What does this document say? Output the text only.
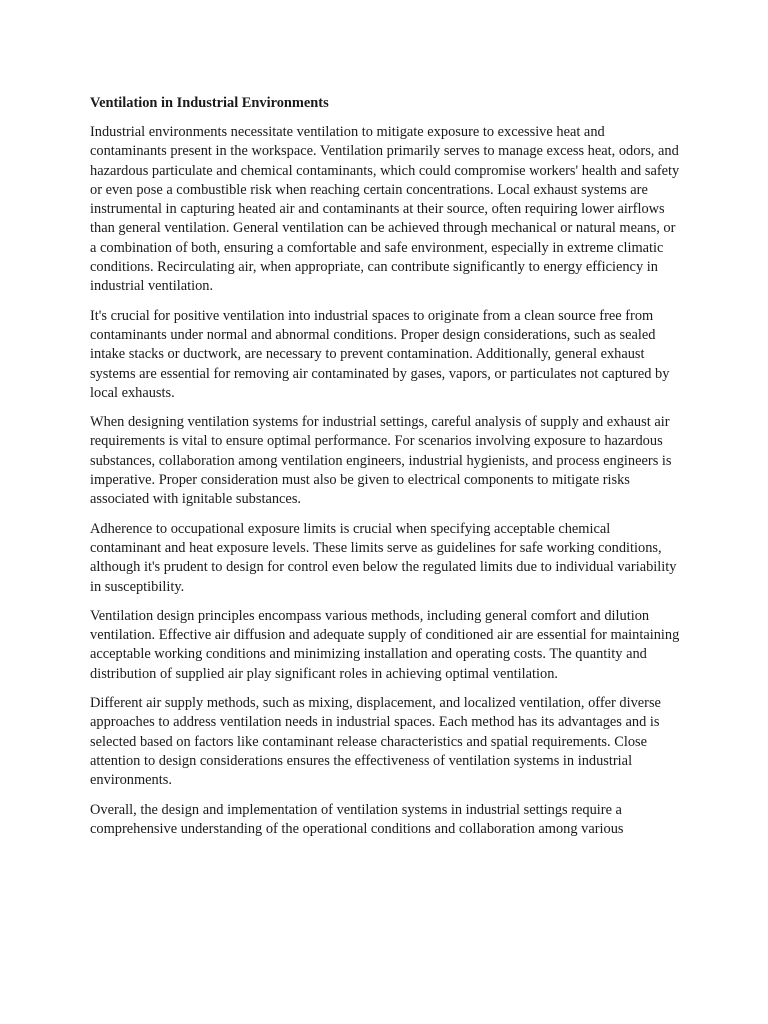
Ventilation in Industrial Environments

Industrial environments necessitate ventilation to mitigate exposure to excessive heat and contaminants present in the workspace. Ventilation primarily serves to manage excess heat, odors, and hazardous particulate and chemical contaminants, which could compromise workers' health and safety or even pose a combustible risk when reaching certain concentrations. Local exhaust systems are instrumental in capturing heated air and contaminants at their source, often requiring lower airflows than general ventilation. General ventilation can be achieved through mechanical or natural means, or a combination of both, ensuring a comfortable and safe environment, especially in extreme climatic conditions. Recirculating air, when appropriate, can contribute significantly to energy efficiency in industrial ventilation.

It's crucial for positive ventilation into industrial spaces to originate from a clean source free from contaminants under normal and abnormal conditions. Proper design considerations, such as sealed intake stacks or ductwork, are necessary to prevent contamination. Additionally, general exhaust systems are essential for removing air contaminated by gases, vapors, or particulates not captured by local exhausts.

When designing ventilation systems for industrial settings, careful analysis of supply and exhaust air requirements is vital to ensure optimal performance. For scenarios involving exposure to hazardous substances, collaboration among ventilation engineers, industrial hygienists, and process engineers is imperative. Proper consideration must also be given to electrical components to mitigate risks associated with ignitable substances.

Adherence to occupational exposure limits is crucial when specifying acceptable chemical contaminant and heat exposure levels. These limits serve as guidelines for safe working conditions, although it's prudent to design for control even below the regulated limits due to individual variability in susceptibility.

Ventilation design principles encompass various methods, including general comfort and dilution ventilation. Effective air diffusion and adequate supply of conditioned air are essential for maintaining acceptable working conditions and minimizing installation and operating costs. The quantity and distribution of supplied air play significant roles in achieving optimal ventilation.

Different air supply methods, such as mixing, displacement, and localized ventilation, offer diverse approaches to address ventilation needs in industrial spaces. Each method has its advantages and is selected based on factors like contaminant release characteristics and spatial requirements. Close attention to design considerations ensures the effectiveness of ventilation systems in industrial environments.

Overall, the design and implementation of ventilation systems in industrial settings require a comprehensive understanding of the operational conditions and collaboration among various
